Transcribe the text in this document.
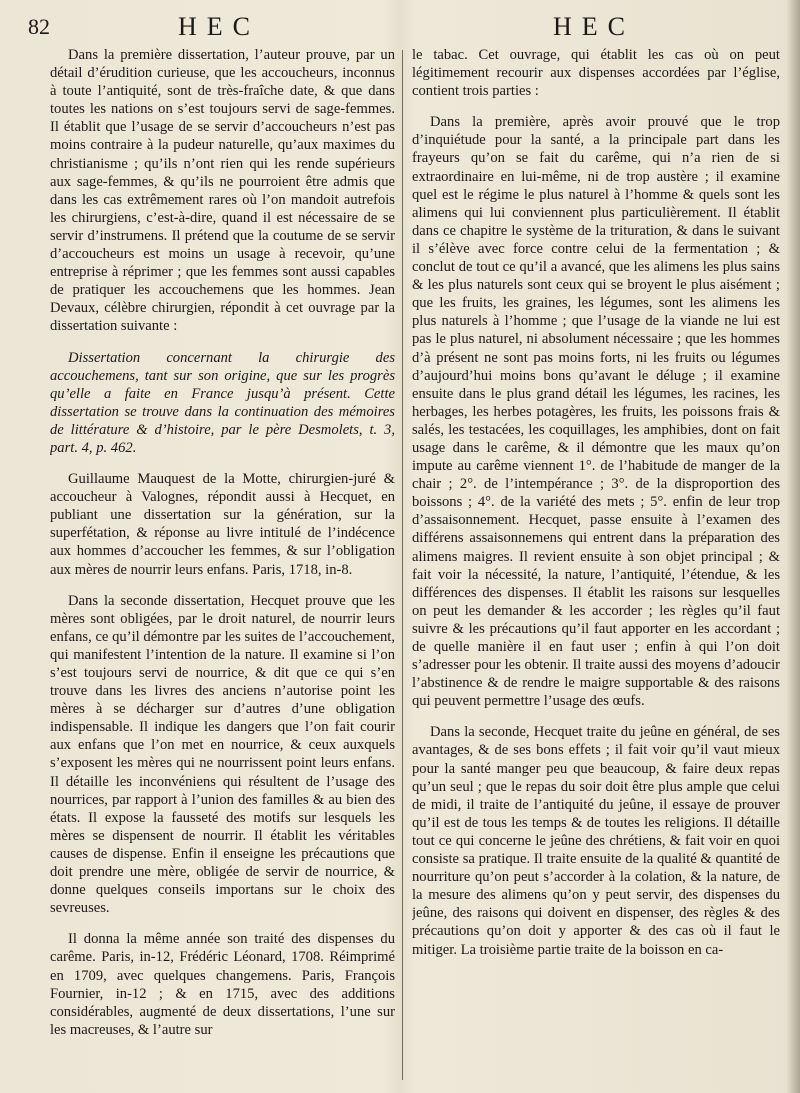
82	HEC	HEC

Dans la première dissertation, l’auteur prouve, par un détail d’érudition curieuse, que les accoucheurs, inconnus à toute l’antiquité, sont de très-fraîche date, & que dans toutes les nations on s’est toujours servi de sage-femmes. Il établit que l’usage de se servir d’accoucheurs n’est pas moins contraire à la pudeur naturelle, qu’aux maximes du christianisme ; qu’ils n’ont rien qui les rende supérieurs aux sage-femmes, & qu’ils ne pourroient être admis que dans les cas extrêmement rares où l’on mandoit autrefois les chirurgiens, c’est-à-dire, quand il est nécessaire de se servir d’instrumens. Il prétend que la coutume de se servir d’accoucheurs est moins un usage à recevoir, qu’une entreprise à réprimer ; que les femmes sont aussi capables de pratiquer les accouchemens que les hommes. Jean Devaux, célèbre chirurgien, répondit à cet ouvrage par la dissertation suivante :

Dissertation concernant la chirurgie des accouchemens, tant sur son origine, que sur les progrès qu’elle a faite en France jusqu’à présent. Cette dissertation se trouve dans la continuation des mémoires de littérature & d’histoire, par le père Desmolets, t. 3, part. 4, p. 462.

Guillaume Mauquest de la Motte, chirurgien-juré & accoucheur à Valognes, répondit aussi à Hecquet, en publiant une dissertation sur la génération, sur la superfétation, & réponse au livre intitulé de l’indécence aux hommes d’accoucher les femmes, & sur l’obligation aux mères de nourrir leurs enfans. Paris, 1718, in-8.

Dans la seconde dissertation, Hecquet prouve que les mères sont obligées, par le droit naturel, de nourrir leurs enfans, ce qu’il démontre par les suites de l’accouchement, qui manifestent l’intention de la nature. Il examine si l’on s’est toujours servi de nourrice, & dit que ce qui s’en trouve dans les livres des anciens n’autorise point les mères à se décharger sur d’autres d’une obligation indispensable. Il indique les dangers que l’on fait courir aux enfans que l’on met en nourrice, & ceux auxquels s’exposent les mères qui ne nourrissent point leurs enfans. Il détaille les inconvéniens qui résultent de l’usage des nourrices, par rapport à l’union des familles & au bien des états. Il expose la fausseté des motifs sur lesquels les mères se dispensent de nourrir. Il établit les véritables causes de dispense. Enfin il enseigne les précautions que doit prendre une mère, obligée de servir de nourrice, & donne quelques conseils importans sur le choix des sevreuses.

Il donna la même année son traité des dispenses du carême. Paris, in-12, Frédéric Léonard, 1708. Réimprimé en 1709, avec quelques changemens. Paris, François Fournier, in-12 ; & en 1715, avec des additions considérables, augmenté de deux dissertations, l’une sur les macreuses, & l’autre sur

le tabac. Cet ouvrage, qui établit les cas où on peut légitimement recourir aux dispenses accordées par l’église, contient trois parties :

Dans la première, après avoir prouvé que le trop d’inquiétude pour la santé, a la principale part dans les frayeurs qu’on se fait du carême, qui n’a rien de si extraordinaire en lui-même, ni de trop austère ; il examine quel est le régime le plus naturel à l’homme & quels sont les alimens qui lui conviennent plus particulièrement. Il établit dans ce chapitre le système de la trituration, & dans le suivant il s’élève avec force contre celui de la fermentation ; & conclut de tout ce qu’il a avancé, que les alimens les plus sains & les plus naturels sont ceux qui se broyent le plus aisément ; que les fruits, les graines, les légumes, sont les alimens les plus naturels à l’homme ; que l’usage de la viande ne lui est pas le plus naturel, ni absolument nécessaire ; que les hommes d’à présent ne sont pas moins forts, ni les fruits ou légumes d’aujourd’hui moins bons qu’avant le déluge ; il examine ensuite dans le plus grand détail les légumes, les racines, les herbages, les herbes potagères, les fruits, les poissons frais & salés, les testacées, les coquillages, les amphibies, dont on fait usage dans le carême, & il démontre que les maux qu’on impute au carême viennent 1°. de l’habitude de manger de la chair ; 2°. de l’intempérance ; 3°. de la disproportion des boissons ; 4°. de la variété des mets ; 5°. enfin de leur trop d’assaisonnement. Hecquet, passe ensuite à l’examen des différens assaisonnemens qui entrent dans la préparation des alimens maigres. Il revient ensuite à son objet principal ; & fait voir la nécessité, la nature, l’antiquité, l’étendue, & les différences des dispenses. Il établit les raisons sur lesquelles on peut les demander & les accorder ; les règles qu’il faut suivre & les précautions qu’il faut apporter en les accordant ; de quelle manière il en faut user ; enfin à qui l’on doit s’adresser pour les obtenir. Il traite aussi des moyens d’adoucir l’abstinence & de rendre le maigre supportable & des raisons qui peuvent permettre l’usage des œufs.

Dans la seconde, Hecquet traite du jeûne en général, de ses avantages, & de ses bons effets ; il fait voir qu’il vaut mieux pour la santé manger peu que beaucoup, & faire deux repas qu’un seul ; que le repas du soir doit être plus ample que celui de midi, il traite de l’antiquité du jeûne, il essaye de prouver qu’il est de tous les temps & de toutes les religions. Il détaille tout ce qui concerne le jeûne des chrétiens, & fait voir en quoi consiste sa pratique. Il traite ensuite de la qualité & quantité de nourriture qu’on peut s’accorder à la colation, & la nature, de la mesure des alimens qu’on y peut servir, des dispenses du jeûne, des raisons qui doivent en dispenser, des règles & des précautions qu’on doit y apporter & des cas où il faut le mitiger. La troisième partie traite de la boisson en ca-
